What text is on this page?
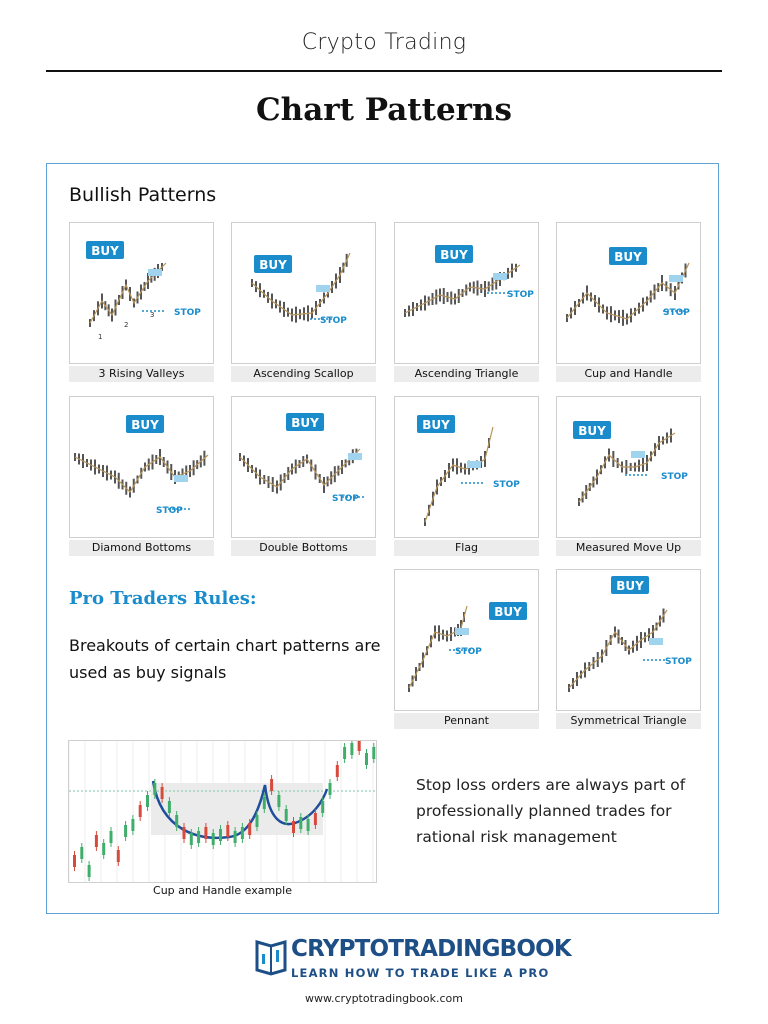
Crypto Trading
Chart Patterns
Bullish Patterns
BUY
STOP
1
2
3
3 Rising Valleys
BUY
STOP
Ascending Scallop
BUY
STOP
Ascending Triangle
BUY
STOP
Cup and Handle
BUY
STOP
Diamond Bottoms
BUY
STOP
Double Bottoms
BUY
STOP
Flag
BUY
STOP
Measured Move Up
BUY
STOP
Pennant
BUY
STOP
Symmetrical Triangle
Pro Traders Rules:
Breakouts of certain chart patterns are used as buy signals
Cup and Handle example
Stop loss orders are always part of professionally planned trades for rational risk management
CRYPTOTRADINGBOOK
LEARN HOW TO TRADE LIKE A PRO
www.cryptotradingbook.com
